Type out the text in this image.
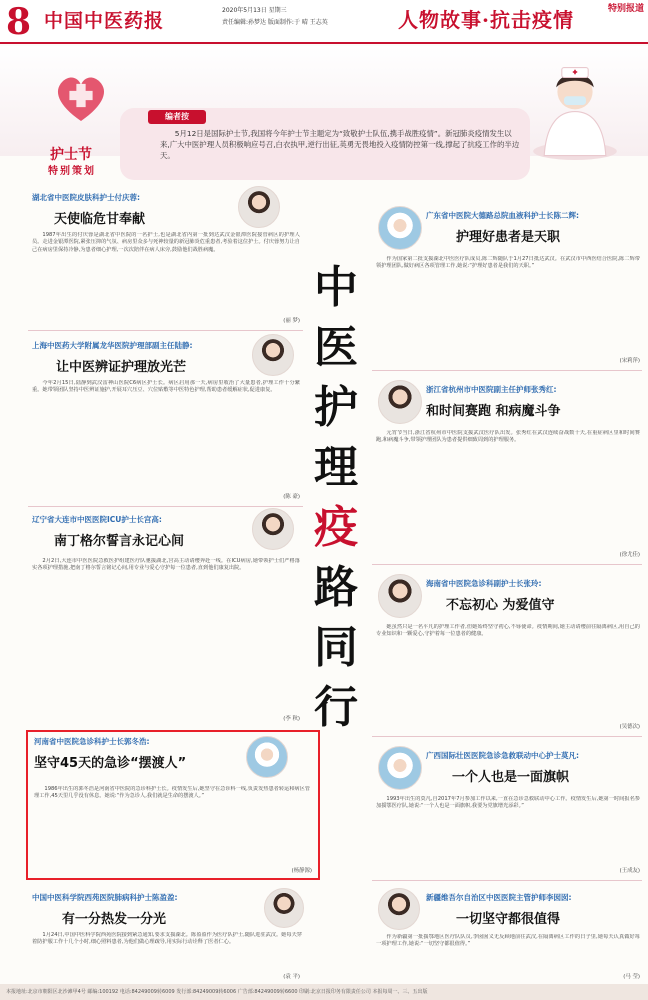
8 中国中医药报	2020年5月13日 星期三
责任编辑:孙梦达 版面制作:于 晴 王志英	人物故事·抗击疫情	特别报道
护士节
特别策划
编者按
5月12日是国际护士节,我国将今年护士节主题定为“致敬护士队伍,携手战胜疫情”。新冠肺炎疫情发生以来,广大中医护理人员积极响应号召,白衣执甲,逆行出征,英勇无畏地投入疫情防控第一线,撑起了抗疫工作的半边天。
中
医
护
理
疫
路
同
行
湖北省中医院皮肤科护士付庆蓉:
天使临危甘奉献
1987年出生的付庆蓉是湖北省中医院的一名护士,也是湖北省内第一批到达武汉金银潭医院接管病区的护理人员。走进金银潭医院,紧张压抑的气氛、病房里众多与死神较量的新冠肺炎危重患者,考验着这位护士。付庆蓉努力让自己在病房里保持冷静,为患者细心护理,一次次陪伴在病人床旁,鼓励他们战胜病魔。
(丽 梦)
上海中医药大学附属龙华医院护理部副主任陆静:
让中医辨证护理放光芒
今年2月15日,陆静到武汉雷神山医院C6病区护士长。病区启用那一天,病房里收治了大量患者,护理工作十分繁重。她带领团队坚持中医辨证施护,开展耳穴压豆、穴位贴敷等中医特色护理,帮助患者缓解症状,促进康复。
(陈 豪)
辽宁省大连市中医医院ICU护士长宫高:
南丁格尔誓言永记心间
2月2日,大连市中医医院急救医护组建医疗队驰援湖北,宫高主动请缨奔赴一线。在ICU病房,她带领护士们严格落实各项护理措施,把南丁格尔誓言铭记心间,用专业与爱心守护每一位患者,直到他们康复出院。
(李 秋)
河南省中医院急诊科护士长郭冬浩:
坚守45天的急诊“摆渡人”
1986年出生的郭冬浩是河南省中医院的急诊科护士长。疫情发生后,她坚守在急诊科一线,负责发热患者转运和病区管理工作,45天里几乎没有休息。她说:“作为急诊人,我们就是生命的摆渡人。”
(杨静源)
中国中医科学院西苑医院肺病科护士陈盈盈:
有一分热发一分光
1月24日,中国中医科学院西苑医院接到紧急通知,要求支援湖北。陈盈盈作为医疗队护士,随队进驻武汉。她每天穿着防护服工作十几个小时,细心照料患者,为他们做心理疏导,用实际行动诠释了医者仁心。
(袁 平)
广东省中医院大德路总院血液科护士长陈二辉:
护理好患者是天职
作为国家第二批支援湖北中医医疗队成员,陈二辉随队于1月27日抵达武汉。在武汉市中西医结合医院,陈二辉带领护理团队,做好病区各项管理工作,她说:“护理好患者是我们的天职。”
(宋莉萍)
浙江省杭州市中医院副主任护师张秀红:
和时间赛跑 和病魔斗争
元宵节当日,浙江省杭州市中医院支援武汉医疗队出发。张秀红在武汉连续奋战数十天,在重症病区里和时间赛跑,和病魔斗争,带领护理团队为患者提供细致周到的护理服务。
(徐尤佳)
海南省中医院急诊科副护士长张玲:
不忘初心 为爱值守
她虽然只是一名平凡的护理工作者,但她始终坚守初心,不辱使命。疫情期间,她主动请缨前往隔离病区,用自己的专业知识和一颗爱心,守护着每一位患者的健康。
(吴德次)
广西国际壮医医院急诊急救联动中心护士莫凡:
一个人也是一面旗帜
1993年出生的莫凡,自2017年7月参加工作以来,一直在急诊急救联动中心工作。疫情发生后,她第一时间报名参加援鄂医疗队,她说:“一个人也是一面旗帜,我要为党旗增光添彩。”
(王成友)
新疆维吾尔自治区中医医院主管护师李囡囡:
一切坚守都很值得
作为新疆第一批援鄂地区医疗队队员,李囡囡义无反顾地前往武汉,在隔离病区工作的日子里,她每天认真做好每一项护理工作,她说:“一切坚守都很值得。”
(马 莹)
本报地址:北京市朝阳区北沙滩甲4号 邮编:100192 电话:84249009转6009 发行部:84249009转6006 广告部:84249009转6600 印刷:北京日报印务有限责任公司 本报每周一、三、五出版
